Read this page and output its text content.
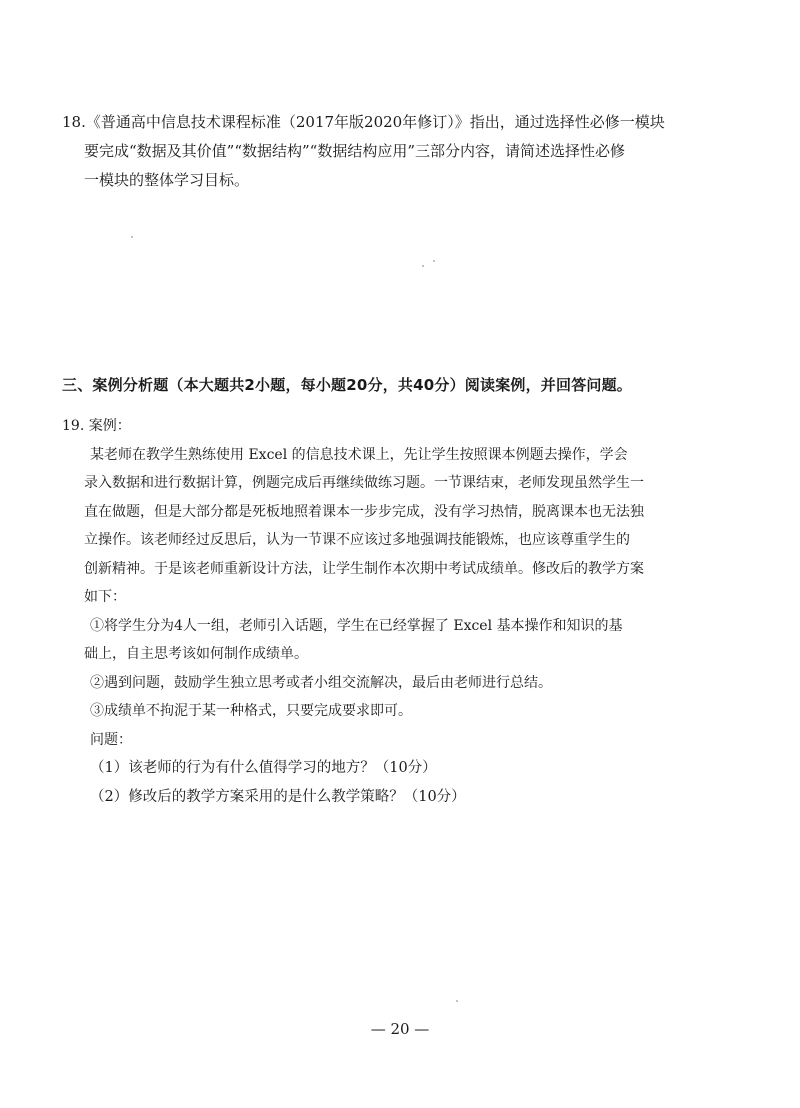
18.《普通高中信息技术课程标准（2017年版2020年修订）》指出，通过选择性必修一模块
要完成“数据及其价值”“数据结构”“数据结构应用”三部分内容，请简述选择性必修
一模块的整体学习目标。
三、案例分析题（本大题共2小题，每小题20分，共40分）阅读案例，并回答问题。
19. 案例：
某老师在教学生熟练使用 Excel 的信息技术课上，先让学生按照课本例题去操作，学会
录入数据和进行数据计算，例题完成后再继续做练习题。一节课结束，老师发现虽然学生一
直在做题，但是大部分都是死板地照着课本一步步完成，没有学习热情，脱离课本也无法独
立操作。该老师经过反思后，认为一节课不应该过多地强调技能锻炼，也应该尊重学生的
创新精神。于是该老师重新设计方法，让学生制作本次期中考试成绩单。修改后的教学方案
如下：
①将学生分为4人一组，老师引入话题，学生在已经掌握了 Excel 基本操作和知识的基
础上，自主思考该如何制作成绩单。
②遇到问题，鼓励学生独立思考或者小组交流解决，最后由老师进行总结。
③成绩单不拘泥于某一种格式，只要完成要求即可。
问题：
（1）该老师的行为有什么值得学习的地方？（10分）
（2）修改后的教学方案采用的是什么教学策略？（10分）
— 20 —
